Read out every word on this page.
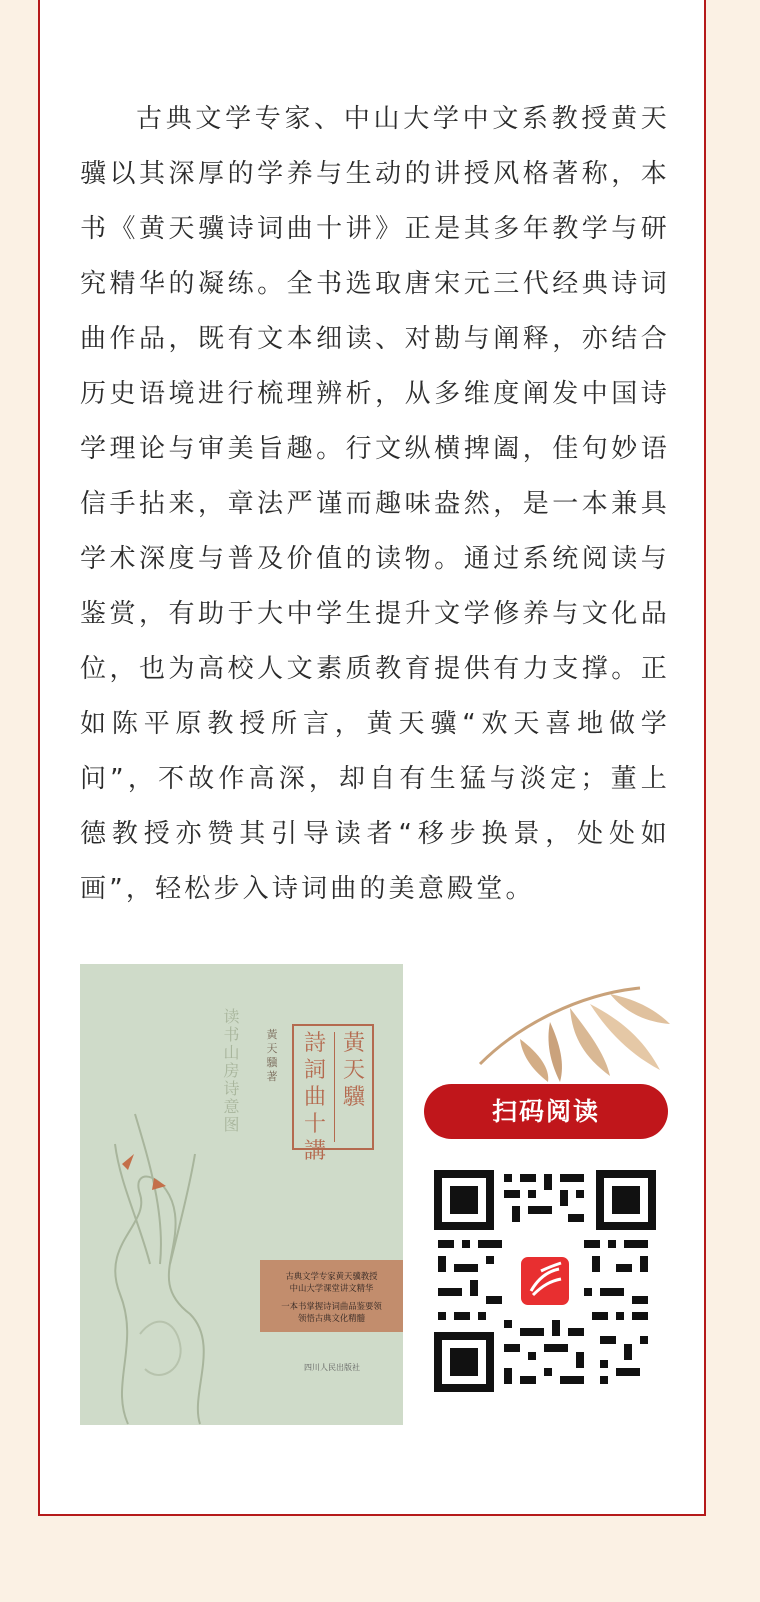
古典文学专家、中山大学中文系教授黄天骥以其深厚的学养与生动的讲授风格著称，本书《黄天骥诗词曲十讲》正是其多年教学与研究精华的凝练。全书选取唐宋元三代经典诗词曲作品，既有文本细读、对勘与阐释，亦结合历史语境进行梳理辨析，从多维度阐发中国诗学理论与审美旨趣。行文纵横捭阖，佳句妙语信手拈来，章法严谨而趣味盎然，是一本兼具学术深度与普及价值的读物。通过系统阅读与鉴赏，有助于大中学生提升文学修养与文化品位，也为高校人文素质教育提供有力支撑。正如陈平原教授所言，黄天骥“欢天喜地做学问”，不故作高深，却自有生猛与淡定；董上德教授亦赞其引导读者“移步换景，处处如画”，轻松步入诗词曲的美意殿堂。

读书山房诗意图 黃天驥 著
詩詞曲十講
黃天驥
古典文学专家黄天骥教授
中山大学课堂讲文精华
一本书掌握诗词曲品鉴要领
领悟古典文化精髓
四川人民出版社
扫码阅读
